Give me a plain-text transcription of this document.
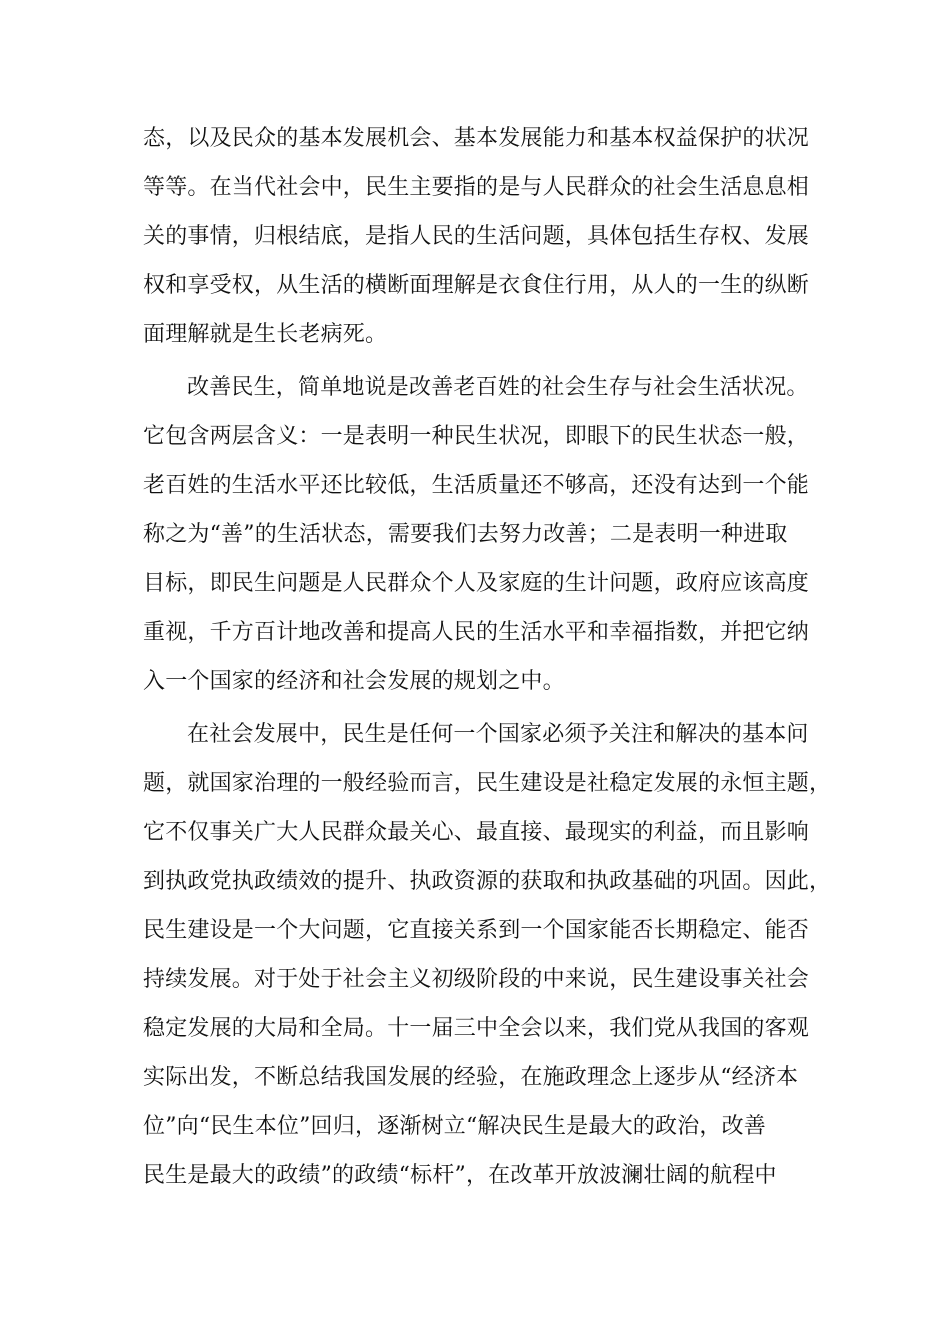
态，以及民众的基本发展机会、基本发展能力和基本权益保护的状况
等等。在当代社会中，民生主要指的是与人民群众的社会生活息息相
关的事情，归根结底，是指人民的生活问题，具体包括生存权、发展
权和享受权，从生活的横断面理解是衣食住行用，从人的一生的纵断
面理解就是生长老病死。
改善民生，简单地说是改善老百姓的社会生存与社会生活状况。
它包含两层含义：一是表明一种民生状况，即眼下的民生状态一般，
老百姓的生活水平还比较低，生活质量还不够高，还没有达到一个能
称之为“善”的生活状态，需要我们去努力改善；二是表明一种进取
目标，即民生问题是人民群众个人及家庭的生计问题，政府应该高度
重视，千方百计地改善和提高人民的生活水平和幸福指数，并把它纳
入一个国家的经济和社会发展的规划之中。
在社会发展中，民生是任何一个国家必须予关注和解决的基本问
题，就国家治理的一般经验而言，民生建设是社稳定发展的永恒主题，
它不仅事关广大人民群众最关心、最直接、最现实的利益，而且影响
到执政党执政绩效的提升、执政资源的获取和执政基础的巩固。因此，
民生建设是一个大问题，它直接关系到一个国家能否长期稳定、能否
持续发展。对于处于社会主义初级阶段的中来说，民生建设事关社会
稳定发展的大局和全局。十一届三中全会以来，我们党从我国的客观
实际出发，不断总结我国发展的经验，在施政理念上逐步从“经济本
位”向“民生本位”回归，逐渐树立“解决民生是最大的政治，改善
民生是最大的政绩”的政绩“标杆”，在改革开放波澜壮阔的航程中
